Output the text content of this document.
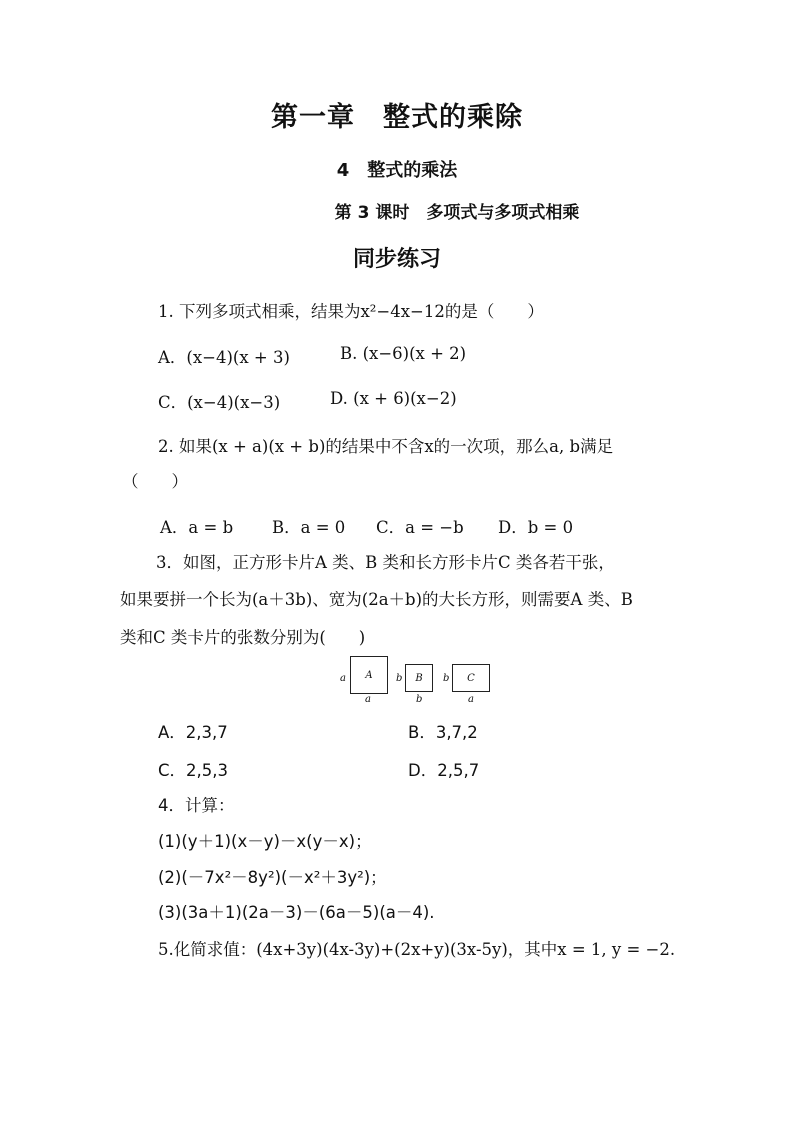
第一章　整式的乘除
4　整式的乘法
第 3 课时　多项式与多项式相乘
同步练习
1. 下列多项式相乘，结果为x²−4x−12的是（　　）
A．(x−4)(x + 3)	B. (x−6)(x + 2)
C．(x−4)(x−3)	D. (x + 6)(x−2)
2. 如果(x + a)(x + b)的结果中不含x的一次项，那么a, b满足
（　　）
A．a = b B．a = 0 C．a = −b D．b = 0
3．如图，正方形卡片A 类、B 类和长方形卡片C 类各若干张，
如果要拼一个长为(a＋3b)、宽为(2a＋b)的大长方形，则需要A 类、B
类和C 类卡片的张数分别为(　　)
a	A
a
b	B
b
b	C
a
A．2,3,7	B．3,7,2
C．2,5,3	D．2,5,7
4．计算：
(1)(y＋1)(x－y)－x(y－x)；
(2)(－7x²－8y²)(－x²＋3y²)；
(3)(3a＋1)(2a－3)－(6a－5)(a－4).
5.化简求值：(4x+3y)(4x-3y)+(2x+y)(3x-5y)，其中x = 1, y = −2.
